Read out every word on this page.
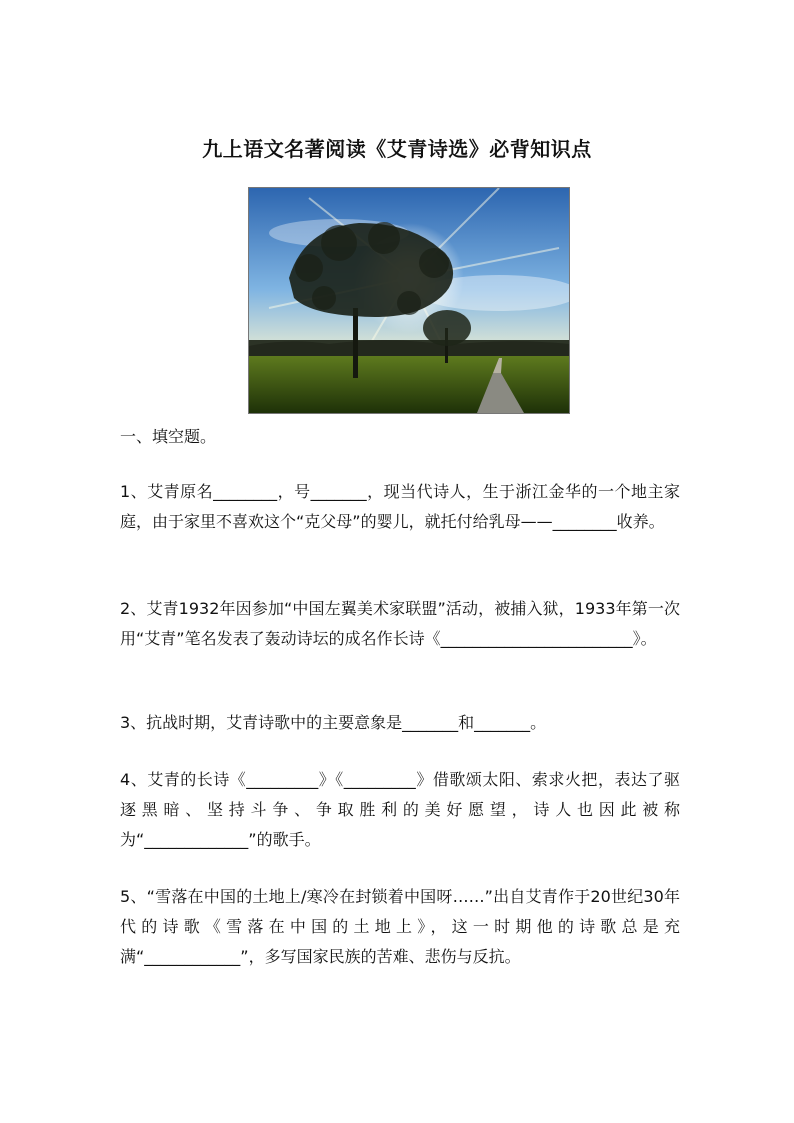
九上语文名著阅读《艾青诗选》必背知识点
一、填空题。

1、艾青原名________，号_______，现当代诗人，生于浙江金华的一个地主家庭，由于家里不喜欢这个“克父母”的婴儿，就托付给乳母——________收养。

2、艾青1932年因参加“中国左翼美术家联盟”活动，被捕入狱，1933年第一次用“艾青”笔名发表了轰动诗坛的成名作长诗《________________________》。

3、抗战时期，艾青诗歌中的主要意象是_______和_______。

4、艾青的长诗《_________》《_________》借歌颂太阳、索求火把，表达了驱逐黑暗、坚持斗争、争取胜利的美好愿望，诗人也因此被称为“_____________”的歌手。

5、“雪落在中国的土地上/寒冷在封锁着中国呀……”出自艾青作于20世纪30年代的诗歌《雪落在中国的土地上》，这一时期他的诗歌总是充满“____________”，多写国家民族的苦难、悲伤与反抗。
